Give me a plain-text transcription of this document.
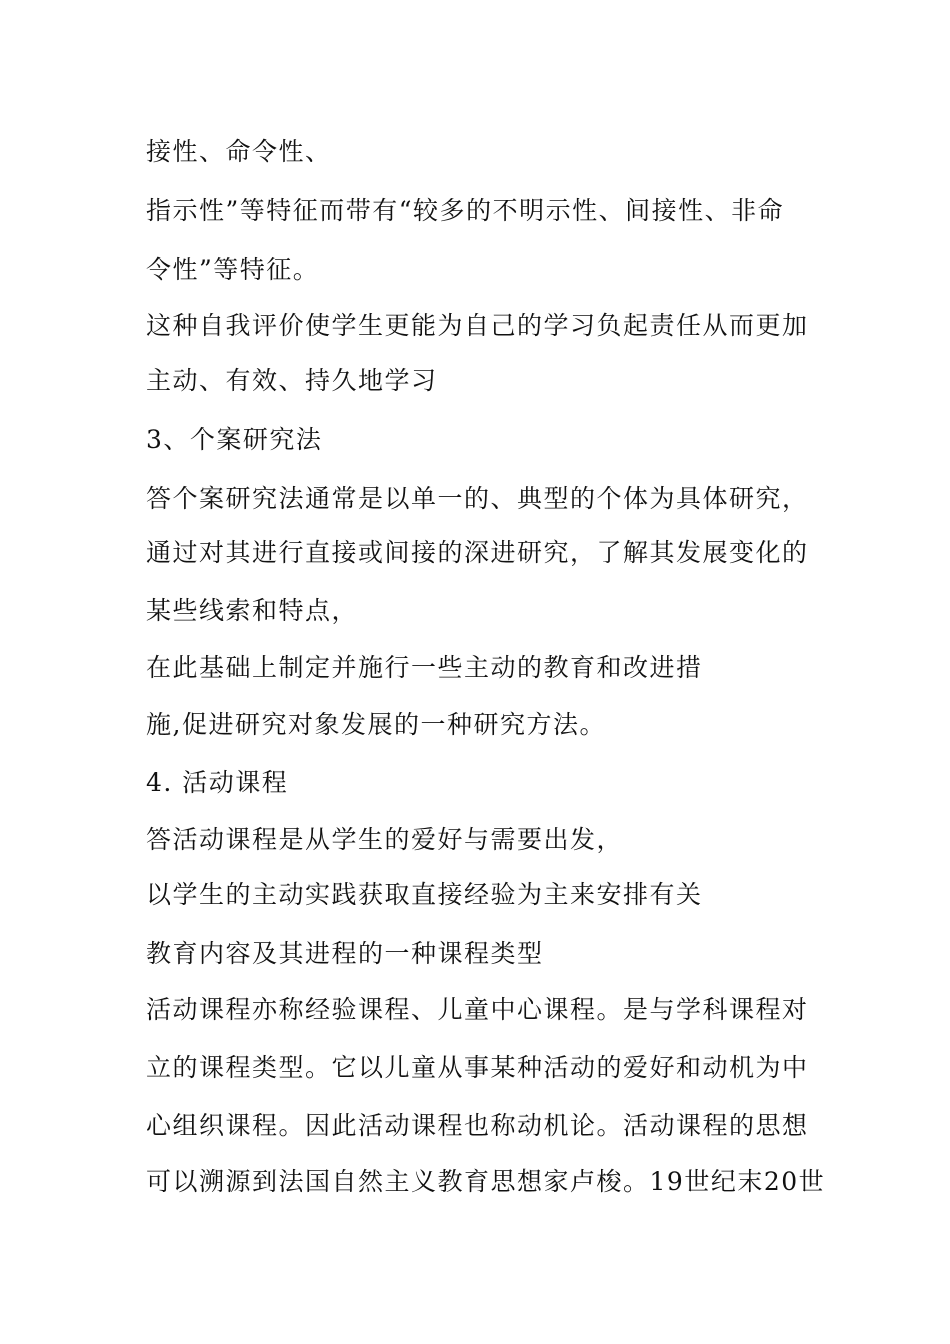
接性、命令性、
指示性”等特征而带有“较多的不明示性、间接性、非命
令性”等特征。
这种自我评价使学生更能为自己的学习负起责任从而更加
主动、有效、持久地学习
3、个案研究法
答个案研究法通常是以单一的、典型的个体为具体研究，
通过对其进行直接或间接的深进研究，了解其发展变化的
某些线索和特点，
在此基础上制定并施行一些主动的教育和改进措
施,促进研究对象发展的一种研究方法。
4. 活动课程
答活动课程是从学生的爱好与需要出发，
以学生的主动实践获取直接经验为主来安排有关
教育内容及其进程的一种课程类型
活动课程亦称经验课程、儿童中心课程。是与学科课程对
立的课程类型。它以儿童从事某种活动的爱好和动机为中
心组织课程。因此活动课程也称动机论。活动课程的思想
可以溯源到法国自然主义教育思想家卢梭。19世纪末20世
